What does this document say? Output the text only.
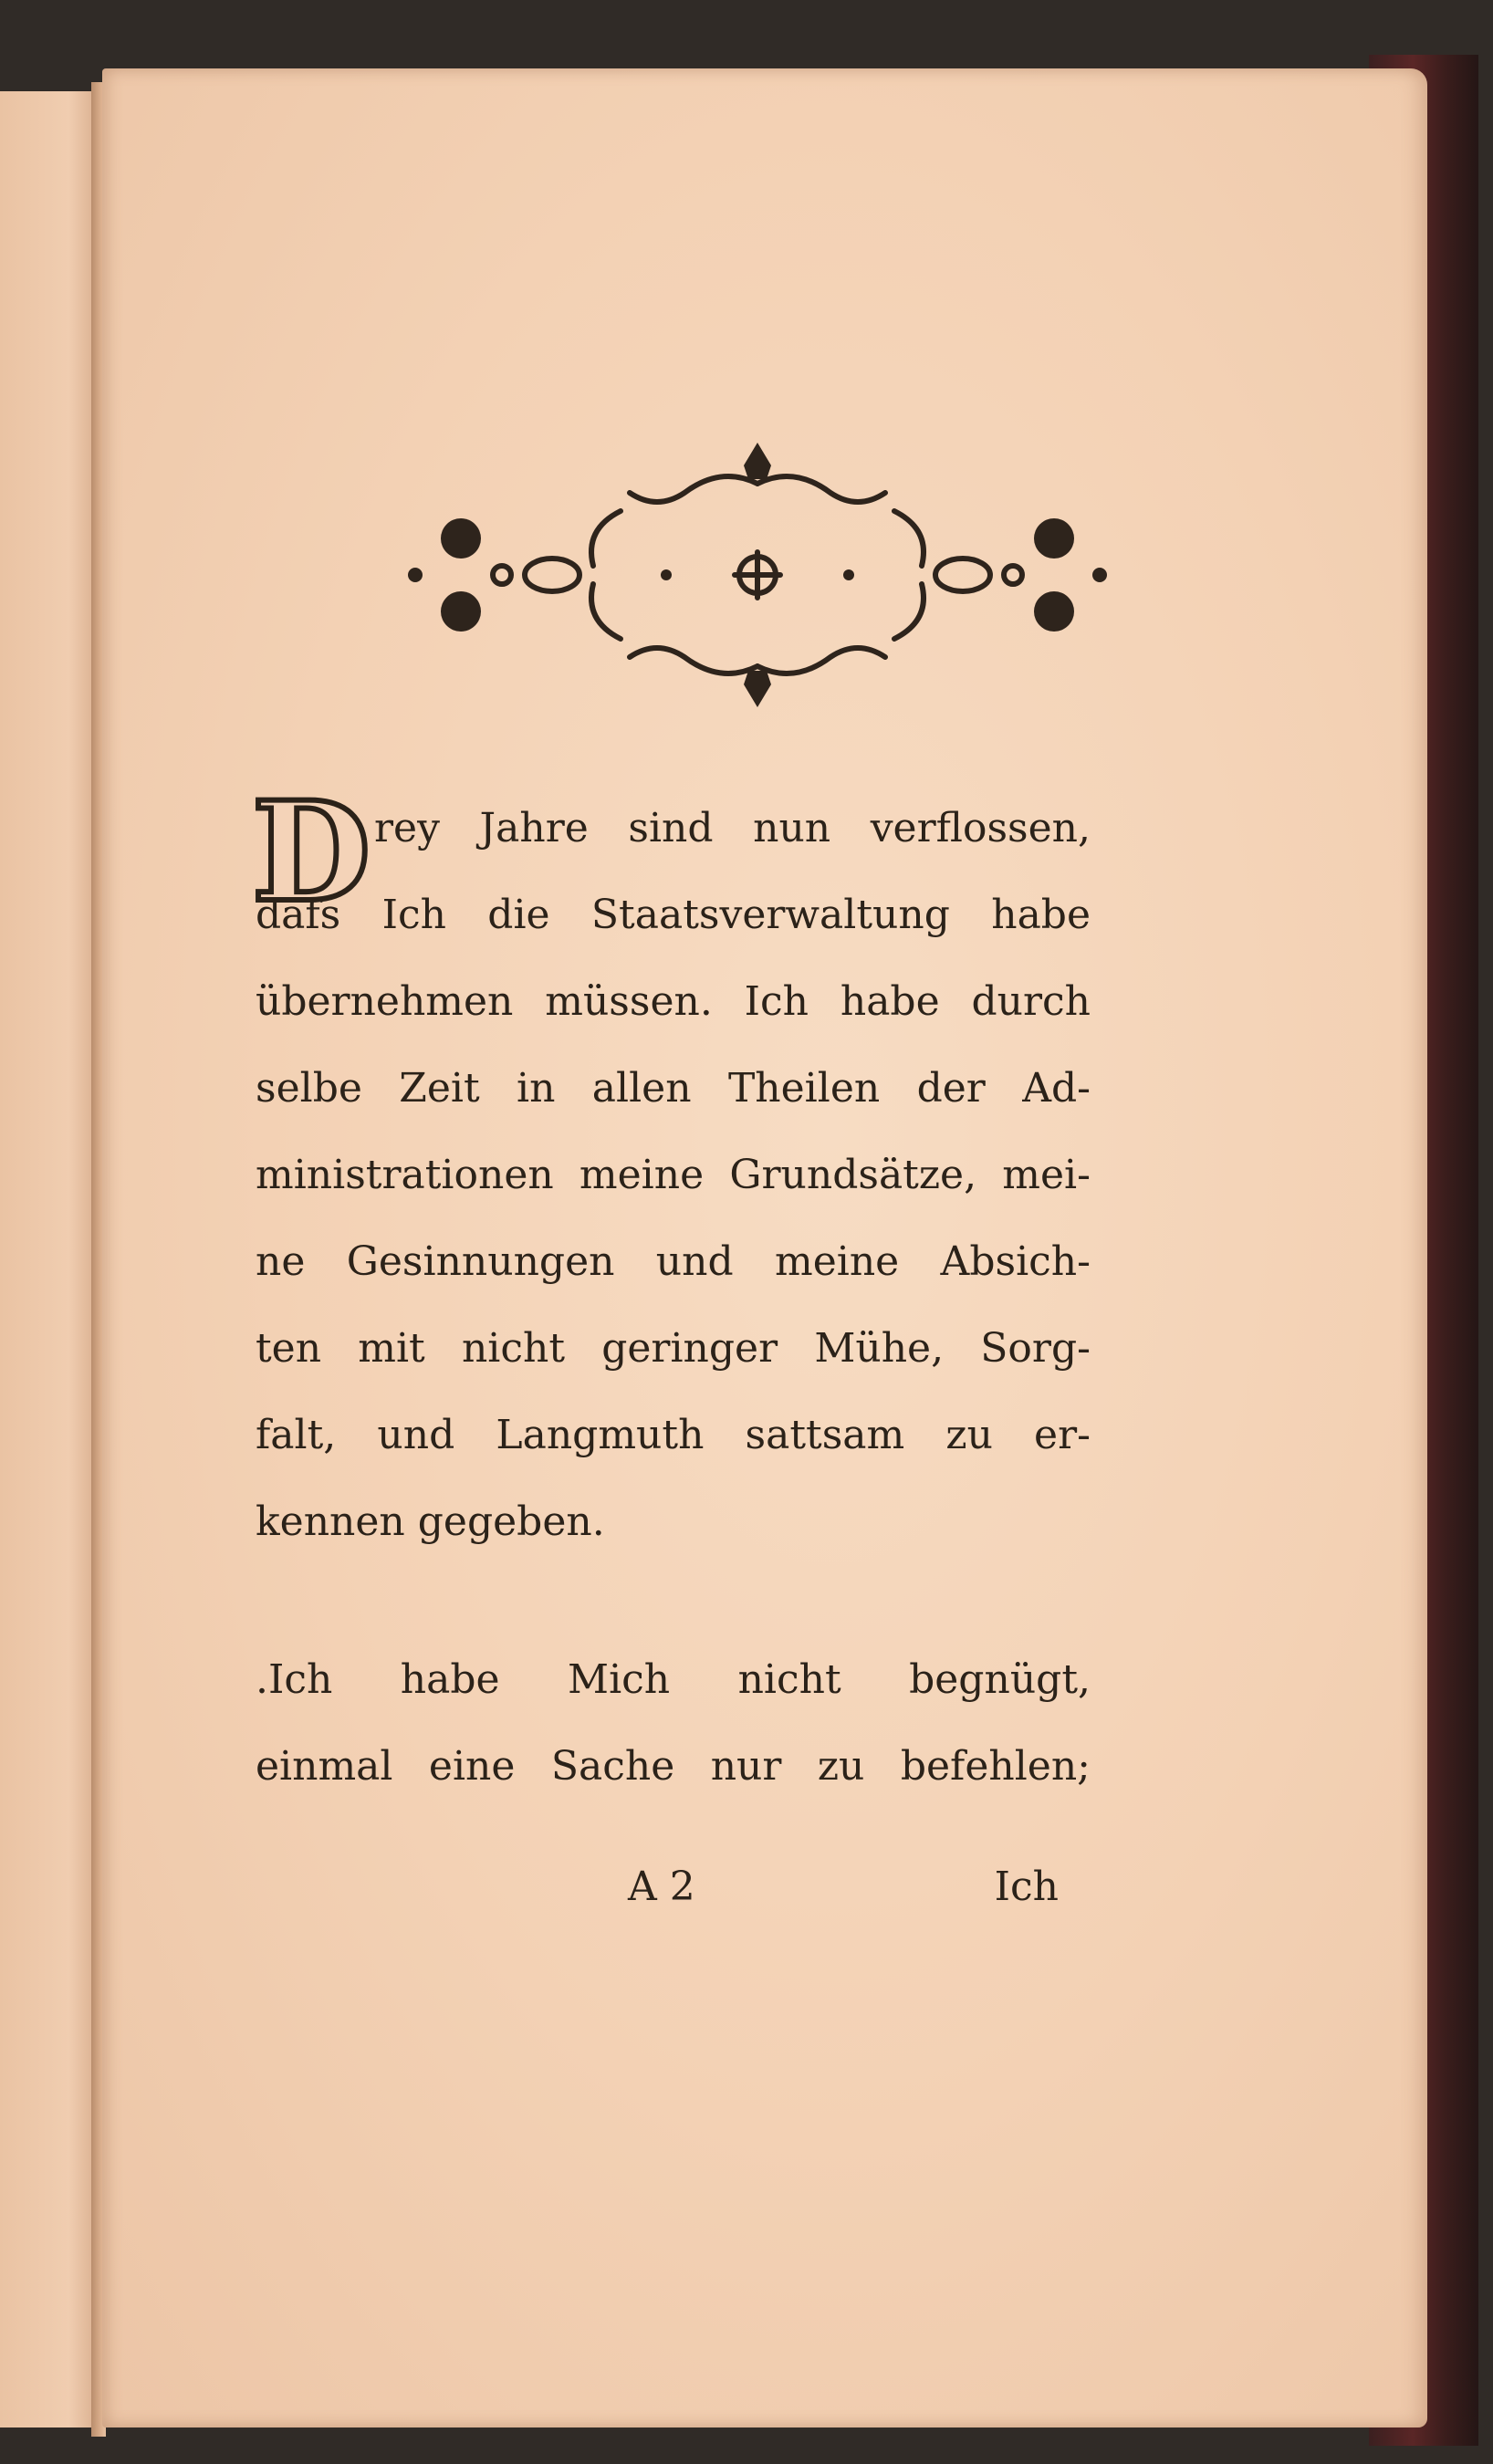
D rey Jahre sind nun verflossen,
dafs Ich die Staatsverwaltung habe
übernehmen müssen. Ich habe durch
selbe Zeit in allen Theilen der Ad-
ministrationen meine Grundsätze, mei-
ne Gesinnungen und meine Absich-
ten mit nicht geringer Mühe, Sorg-
falt, und Langmuth sattsam zu er-
kennen gegeben.
.Ich habe Mich nicht begnügt,
einmal eine Sache nur zu befehlen;
A 2	Ich
